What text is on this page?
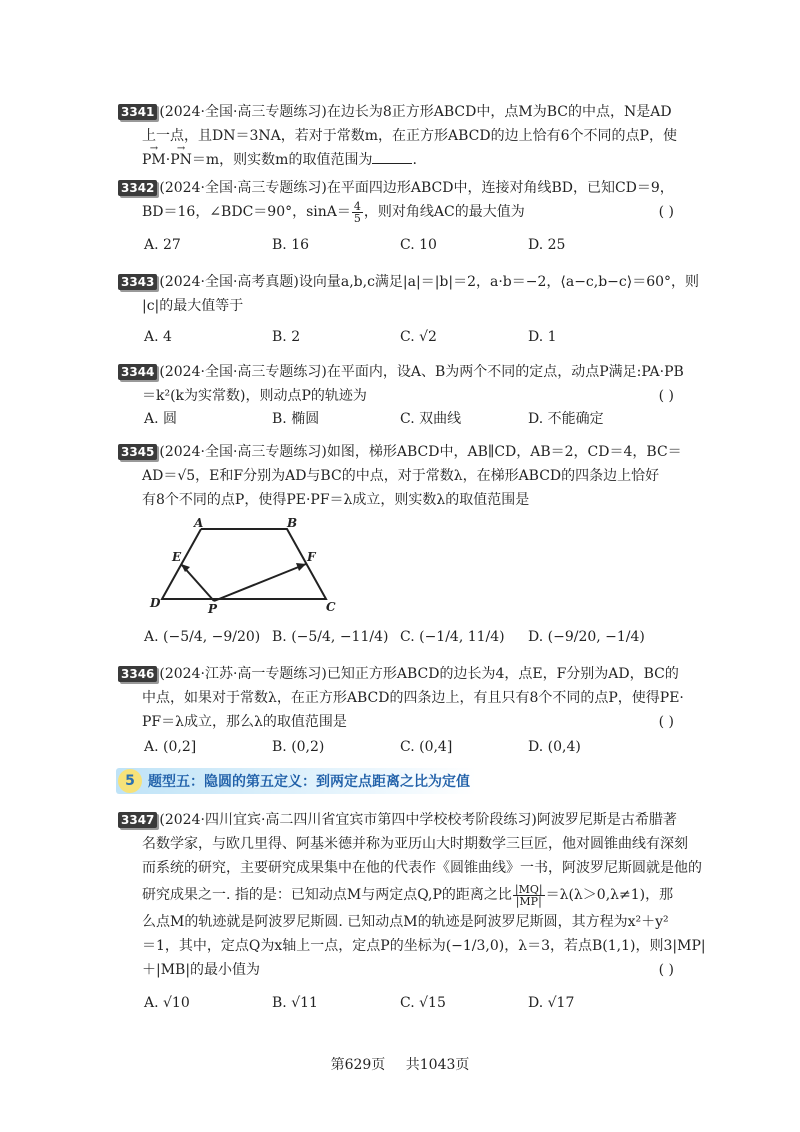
3341 (2024·全国·高三专题练习)在边长为8正方形ABCD中，点M为BC的中点，N是AD
上一点，且DN＝3NA，若对于常数m，在正方形ABCD的边上恰有6个不同的点P，使
→ PM·→ PN＝m，则实数m的取值范围为	.
3342 (2024·全国·高三专题练习)在平面四边形ABCD中，连接对角线BD，已知CD＝9，
BD＝16，∠BDC＝90°，$\sin A= \frac{4}{5}$ ，则对角线AC的最大值为	( )
A. 27	B. 16	C. 10	D. 25
3343 (2024·全国·高考真题)设向量a,b,c满足|a|＝|b|＝2，a·b＝−2，⟨a−c,b−c⟩＝60°，则
|c|的最大值等于
A. 4	B. 2	C. √2	D. 1
3344 (2024·全国·高三专题练习)在平面内，设A、B为两个不同的定点，动点P满足:PA·PB
＝k²(k为实常数)，则动点P的轨迹为	( )
A. 圆	B. 椭圆	C. 双曲线	D. 不能确定
3345 (2024·全国·高三专题练习)如图，梯形ABCD中，AB∥CD，AB＝2，CD＝4，BC＝
AD＝√5，E和F分别为AD与BC的中点，对于常数λ，在梯形ABCD的四条边上恰好
有8个不同的点P，使得PE·PF＝λ成立，则实数λ的取值范围是
A	B
C
D
E	F
P
A. (−5/4, −9/20) B. (−5/4, −11/4) C. (−1/4, 11/4) D. (−9/20, −1/4)
3346 (2024·江苏·高一专题练习)已知正方形ABCD的边长为4，点E，F分别为AD，BC的
中点，如果对于常数λ，在正方形ABCD的四条边上，有且只有8个不同的点P，使得PE·
PF＝λ成立，那么λ的取值范围是	( )
A. (0,2]	B. (0,2)	C. (0,4]	D. (0,4)
5 题型五：隐圆的第五定义：到两定点距离之比为定值
3347 (2024·四川宜宾·高二四川省宜宾市第四中学校校考阶段练习)阿波罗尼斯是古希腊著
名数学家，与欧几里得、阿基米德并称为亚历山大时期数学三巨匠，他对圆锥曲线有深刻
而系统的研究，主要研究成果集中在他的代表作《圆锥曲线》一书，阿波罗尼斯圆就是他的
研究成果之一. 指的是：已知动点M与两定点Q,P的距离之比 $\frac{|MQ|}{|MP|} =\lambda(\lambda>0,\lambda\ne 1)$，那
么点M的轨迹就是阿波罗尼斯圆. 已知动点M的轨迹是阿波罗尼斯圆，其方程为x²＋y²
＝1，其中，定点Q为x轴上一点，定点P的坐标为(−1/3,0)，λ＝3，若点B(1,1)，则3|MP|
＋|MB|的最小值为	( )
A. √10	B. √11	C. √15	D. √17
第629页 共1043页
